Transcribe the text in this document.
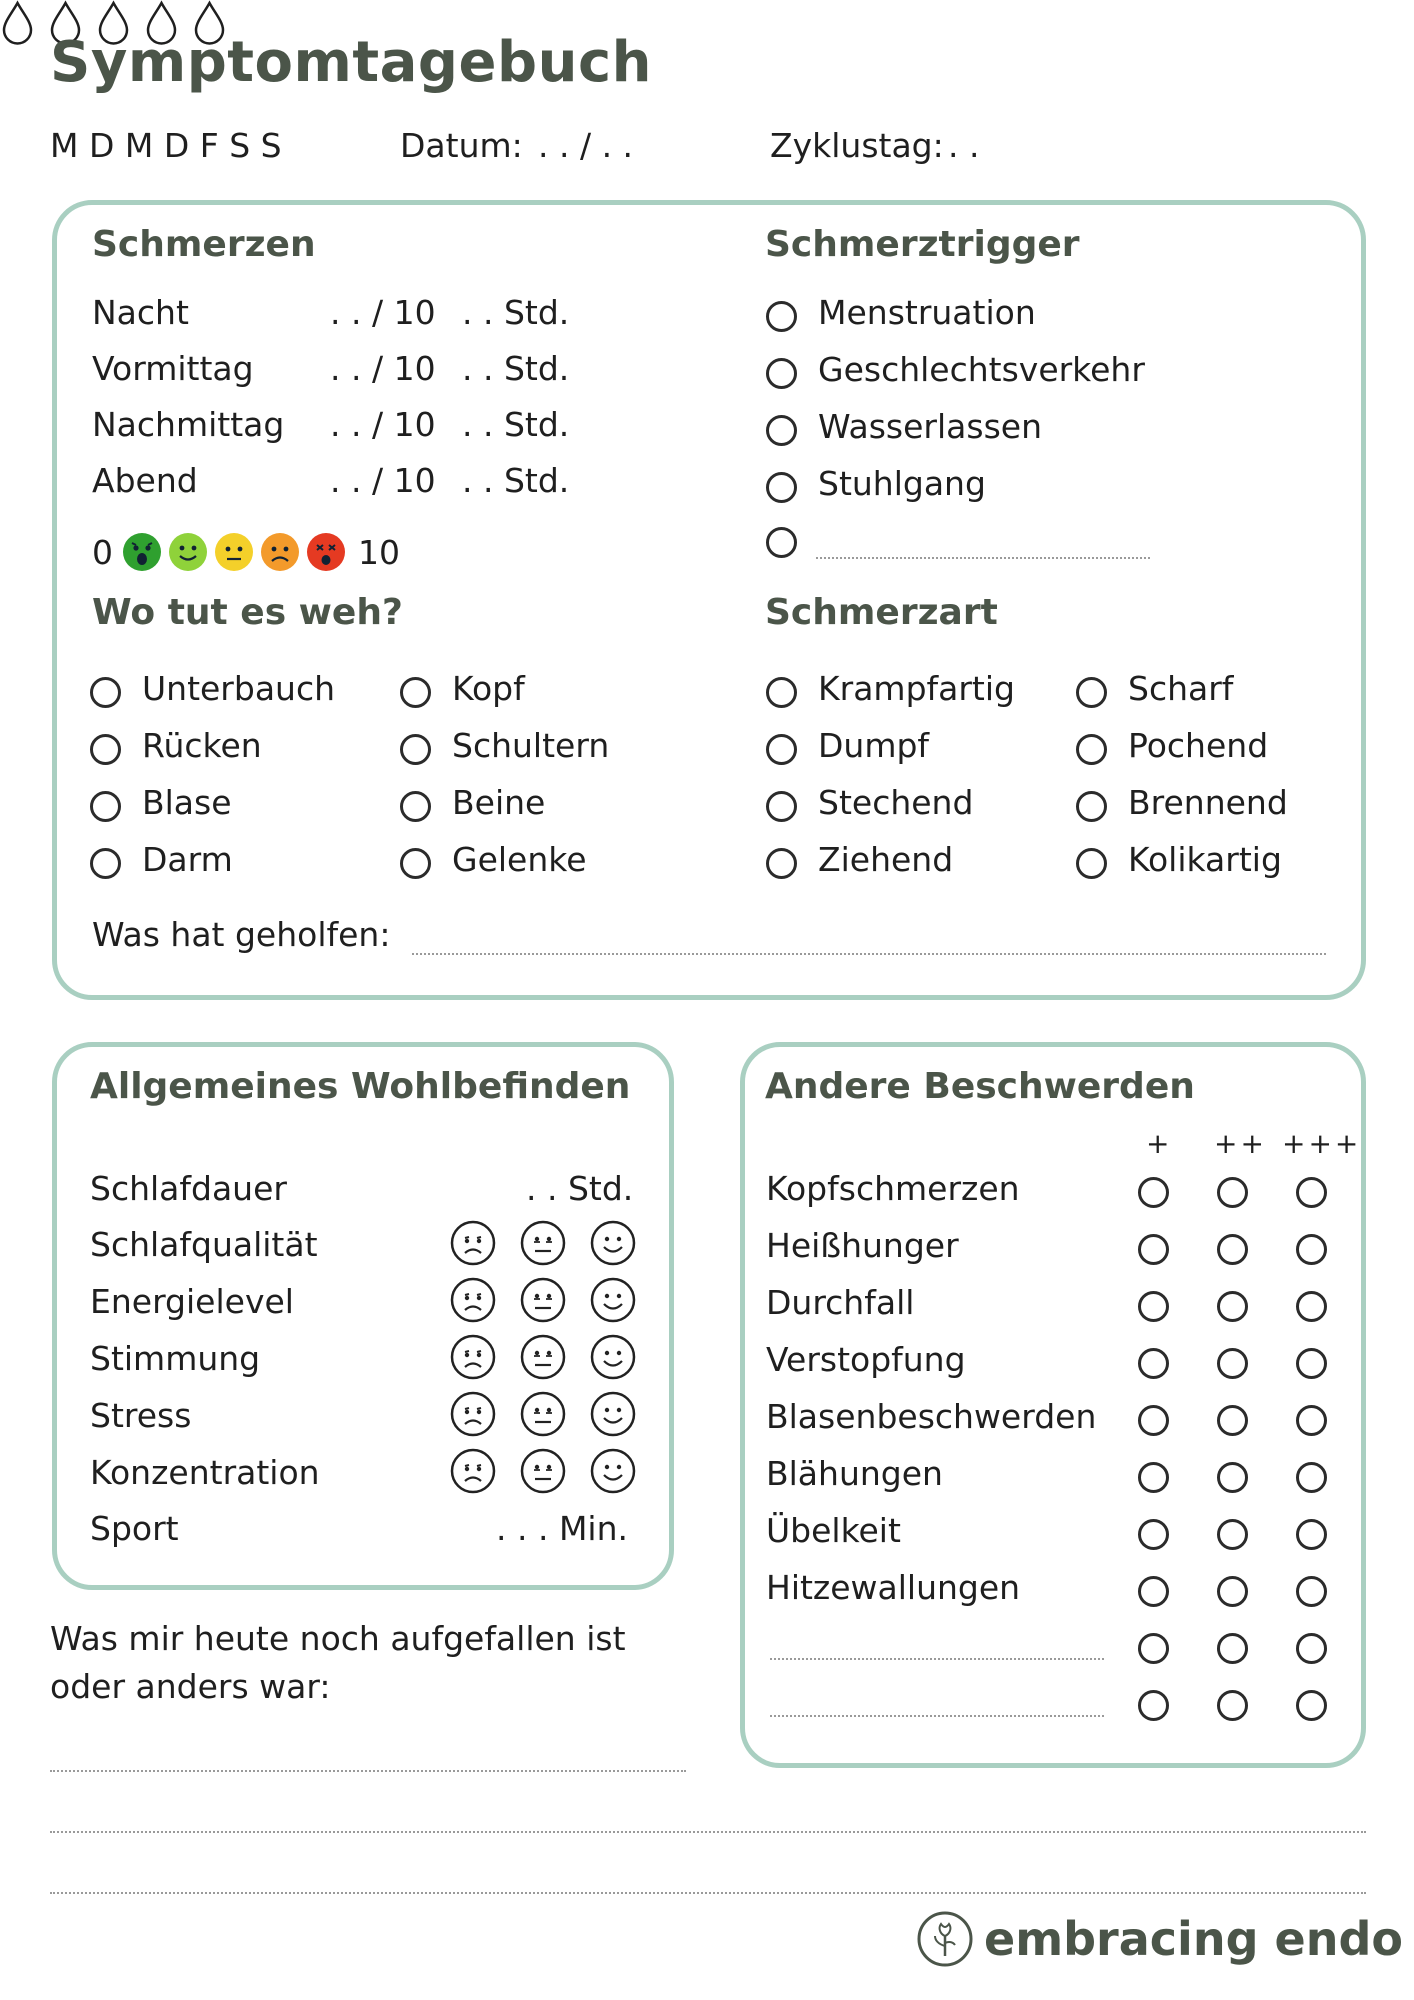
Symptomtagebuch
M D M D F S S	Datum: . . / . .	Zyklustag: . .
Schmerzen	Schmerztrigger
Wo tut es weh?	Schmerzart
Was hat geholfen:
Allgemeines Wohlbefinden
Schlafdauer	. . Std.
Sport	. . . Min.
Andere Beschwerden
Was mir heute noch aufgefallen ist
oder anders war:
embracing endo
Nacht	. . / 10 . . Std.
Vormittag . . / 10 . . Std.
Nachmittag . . / 10 . . Std.
Abend	. . / 10 . . Std.
0	10
Menstruation
Geschlechtsverkehr
Wasserlassen
Stuhlgang
Unterbauch
Rücken
Blase
Darm
Kopf
Schultern
Beine
Gelenke
Krampfartig
Dumpf
Stechend
Ziehend
Scharf
Pochend
Brennend
Kolikartig
Schlafqualität
Energielevel
Stimmung
Stress
Konzentration
+ ++ +++
Kopfschmerzen
Heißhunger
Durchfall
Verstopfung
Blasenbeschwerden
Blähungen
Übelkeit
Hitzewallungen
